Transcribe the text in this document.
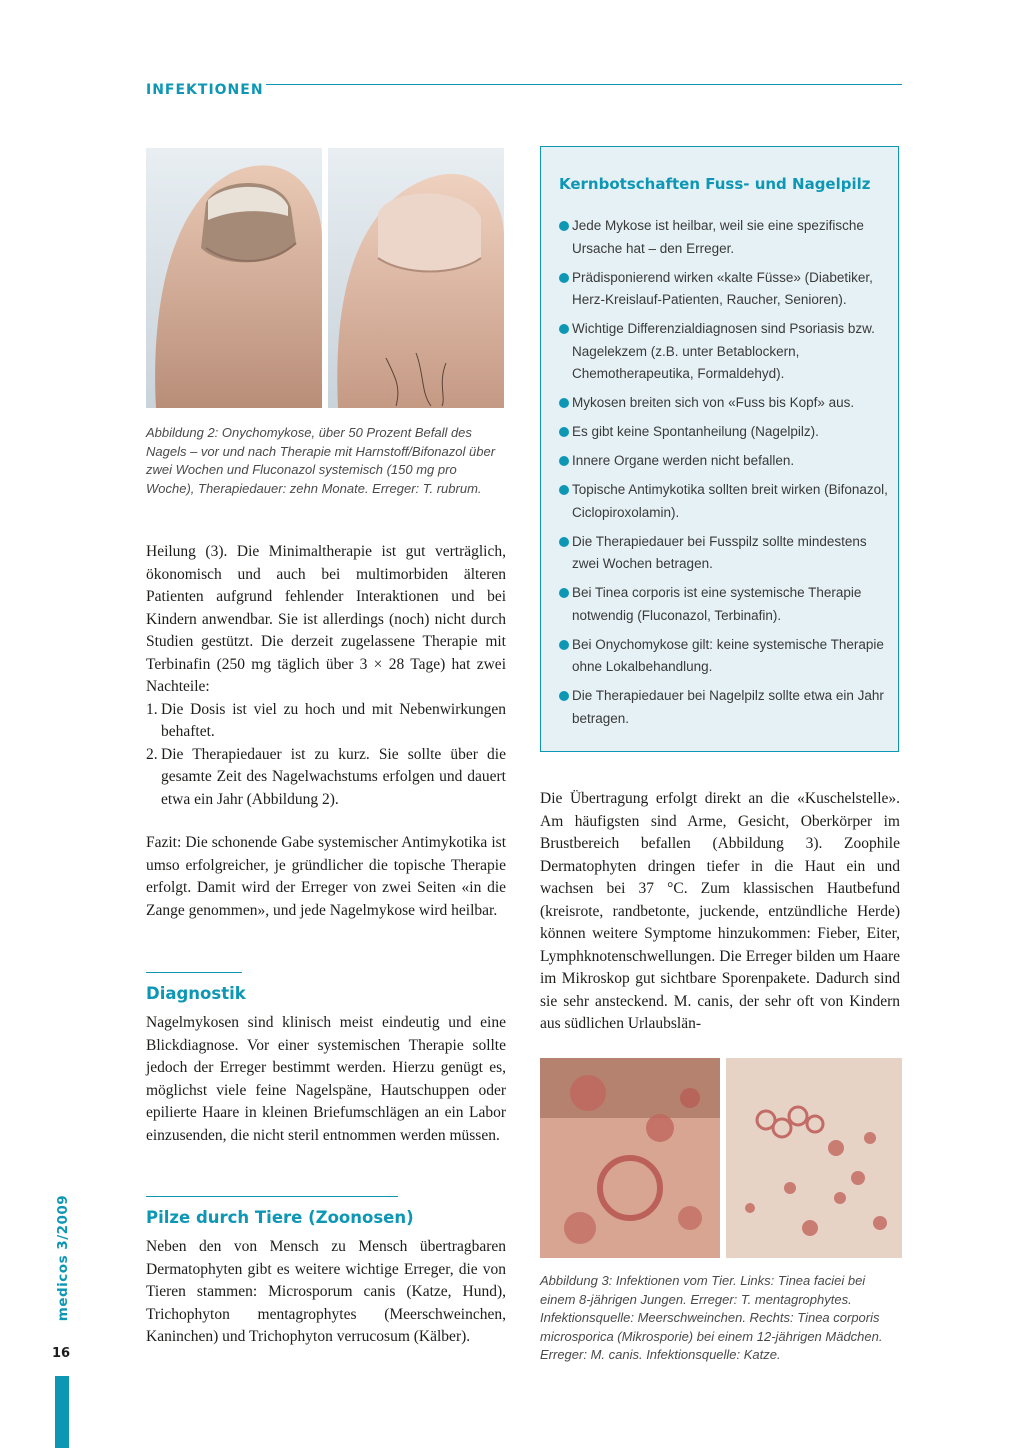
INFEKTIONEN

Abbildung 2: Onychomykose, über 50 Prozent Befall des Nagels – vor und nach Therapie mit Harnstoff/Bifonazol über zwei Wochen und Fluconazol systemisch (150 mg pro Woche), Therapiedauer: zehn Monate. Erreger: T. rubrum.

Heilung (3). Die Minimaltherapie ist gut verträglich, ökonomisch und auch bei multimorbiden älteren Patienten aufgrund fehlender Interaktionen und bei Kindern anwendbar. Sie ist allerdings (noch) nicht durch Studien gestützt. Die derzeit zugelassene Therapie mit Terbinafin (250 mg täglich über 3 × 28 Tage) hat zwei Nachteile:

1. Die Dosis ist viel zu hoch und mit Nebenwirkungen behaftet.
2. Die Therapiedauer ist zu kurz. Sie sollte über die gesamte Zeit des Nagelwachstums erfolgen und dauert etwa ein Jahr (Abbildung 2).

Fazit: Die schonende Gabe systemischer Antimykotika ist umso erfolgreicher, je gründlicher die topische Therapie erfolgt. Damit wird der Erreger von zwei Seiten «in die Zange genommen», und jede Nagelmykose wird heilbar.

Diagnostik

Nagelmykosen sind klinisch meist eindeutig und eine Blickdiagnose. Vor einer systemischen Therapie sollte jedoch der Erreger bestimmt werden. Hierzu genügt es, möglichst viele feine Nagelspäne, Hautschuppen oder epilierte Haare in kleinen Briefumschlägen an ein Labor einzusenden, die nicht steril entnommen werden müssen.

Pilze durch Tiere (Zoonosen)

Neben den von Mensch zu Mensch übertragbaren Dermatophyten gibt es weitere wichtige Erreger, die von Tieren stammen: Microsporum canis (Katze, Hund), Trichophyton mentagrophytes (Meerschweinchen, Kaninchen) und Trichophyton verrucosum (Kälber).

Kernbotschaften Fuss- und Nagelpilz
Jede Mykose ist heilbar, weil sie eine spezifische Ursache hat – den Erreger.
Prädisponierend wirken «kalte Füsse» (Diabetiker, Herz-Kreislauf-Patienten, Raucher, Senioren).
Wichtige Differenzialdiagnosen sind Psoriasis bzw. Nagelekzem (z.B. unter Betablockern, Chemotherapeutika, Formaldehyd).
Mykosen breiten sich von «Fuss bis Kopf» aus.
Es gibt keine Spontanheilung (Nagelpilz).
Innere Organe werden nicht befallen.
Topische Antimykotika sollten breit wirken (Bifonazol, Ciclopiroxolamin).
Die Therapiedauer bei Fusspilz sollte mindestens zwei Wochen betragen.
Bei Tinea corporis ist eine systemische Therapie notwendig (Fluconazol, Terbinafin).
Bei Onychomykose gilt: keine systemische Therapie ohne Lokalbehandlung.
Die Therapiedauer bei Nagelpilz sollte etwa ein Jahr betragen.

Die Übertragung erfolgt direkt an die «Kuschelstelle». Am häufigsten sind Arme, Gesicht, Oberkörper im Brustbereich befallen (Abbildung 3). Zoophile Dermatophyten dringen tiefer in die Haut ein und wachsen bei 37 °C. Zum klassischen Hautbefund (kreisrote, randbetonte, juckende, entzündliche Herde) können weitere Symptome hinzukommen: Fieber, Eiter, Lymphknotenschwellungen. Die Erreger bilden um Haare im Mikroskop gut sichtbare Sporenpakete. Dadurch sind sie sehr ansteckend. M. canis, der sehr oft von Kindern aus südlichen Urlaubslän-

Abbildung 3: Infektionen vom Tier. Links: Tinea faciei bei einem 8-jährigen Jungen. Erreger: T. mentagrophytes. Infektionsquelle: Meerschweinchen. Rechts: Tinea corporis microsporica (Mikrosporie) bei einem 12-jährigen Mädchen. Erreger: M. canis. Infektionsquelle: Katze.

medicos 3/2009
16
